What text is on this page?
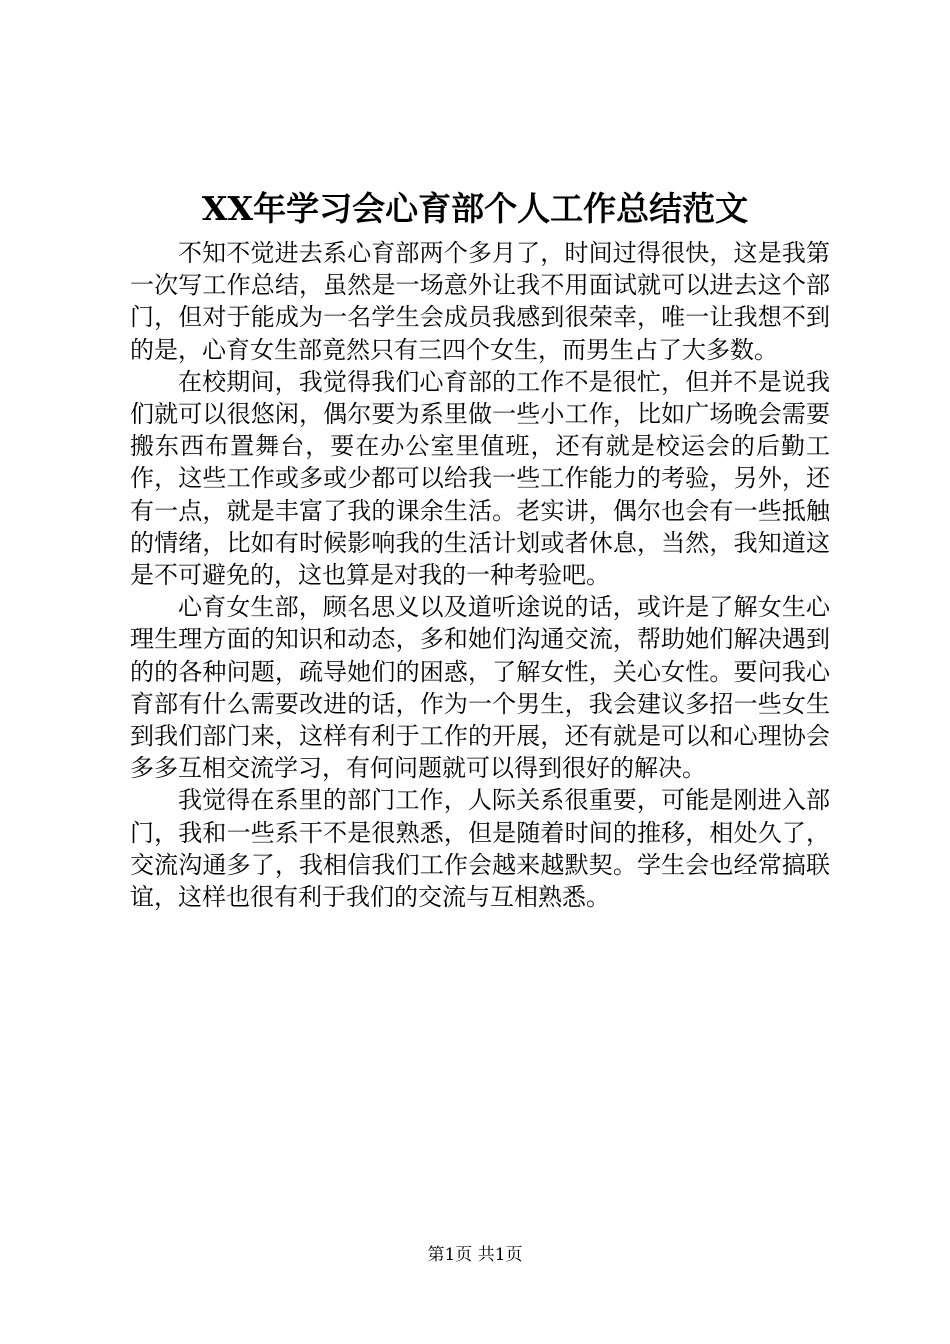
XX年学习会心育部个人工作总结范文

不知不觉进去系心育部两个多月了，时间过得很快，这是我第一次写工作总结，虽然是一场意外让我不用面试就可以进去这个部门，但对于能成为一名学生会成员我感到很荣幸，唯一让我想不到的是，心育女生部竟然只有三四个女生，而男生占了大多数。

在校期间，我觉得我们心育部的工作不是很忙，但并不是说我们就可以很悠闲，偶尔要为系里做一些小工作，比如广场晚会需要搬东西布置舞台，要在办公室里值班，还有就是校运会的后勤工作，这些工作或多或少都可以给我一些工作能力的考验，另外，还有一点，就是丰富了我的课余生活。老实讲，偶尔也会有一些抵触的情绪，比如有时候影响我的生活计划或者休息，当然，我知道这是不可避免的，这也算是对我的一种考验吧。

心育女生部，顾名思义以及道听途说的话，或许是了解女生心理生理方面的知识和动态，多和她们沟通交流，帮助她们解决遇到的的各种问题，疏导她们的困惑，了解女性，关心女性。要问我心育部有什么需要改进的话，作为一个男生，我会建议多招一些女生到我们部门来，这样有利于工作的开展，还有就是可以和心理协会多多互相交流学习，有何问题就可以得到很好的解决。

我觉得在系里的部门工作，人际关系很重要，可能是刚进入部门，我和一些系干不是很熟悉，但是随着时间的推移，相处久了，交流沟通多了，我相信我们工作会越来越默契。学生会也经常搞联谊，这样也很有利于我们的交流与互相熟悉。

第1页 共1页
